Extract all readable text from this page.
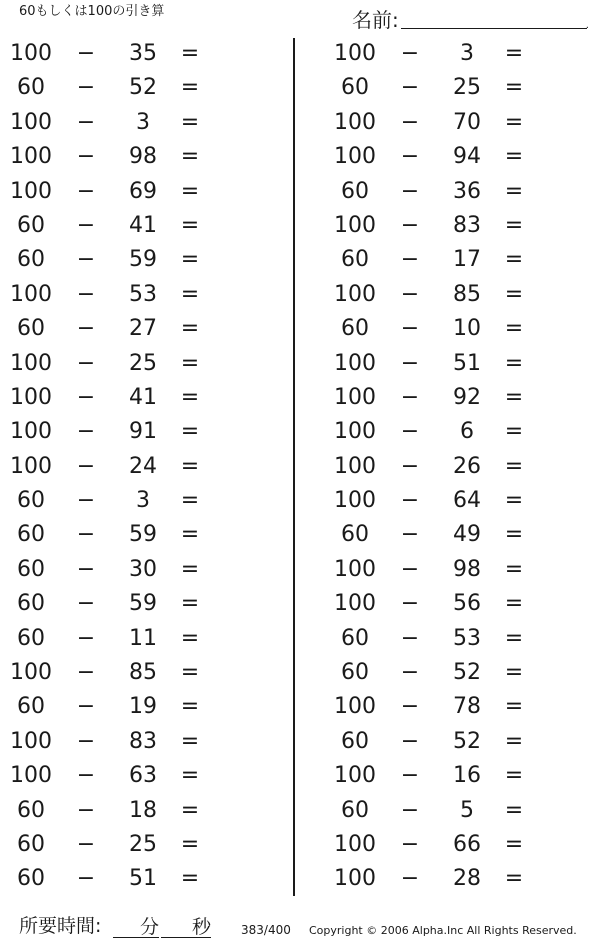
60もしくは100の引き算	名前:	.
100	−	35	=
60	−	52	=
100	−	3	=
100	−	98	=
100	−	69	=
60	−	41	=
60	−	59	=
100	−	53	=
60	−	27	=
100	−	25	=
100	−	41	=
100	−	91	=
100	−	24	=
60	−	3	=
60	−	59	=
60	−	30	=
60	−	59	=
60	−	11	=
100	−	85	=
60	−	19	=
100	−	83	=
100	−	63	=
60	−	18	=
60	−	25	=
60	−	51	=
100	−	3	=
60	−	25	=
100	−	70	=
100	−	94	=
60	−	36	=
100	−	83	=
60	−	17	=
100	−	85	=
60	−	10	=
100	−	51	=
100	−	92	=
100	−	6	=
100	−	26	=
100	−	64	=
60	−	49	=
100	−	98	=
100	−	56	=
60	−	53	=
60	−	52	=
100	−	78	=
60	−	52	=
100	−	16	=
60	−	5	=
100	−	66	=
100	−	28	=
所要時間:	分	秒	383/400 Copyright © 2006 Alpha.Inc All Rights Reserved.
